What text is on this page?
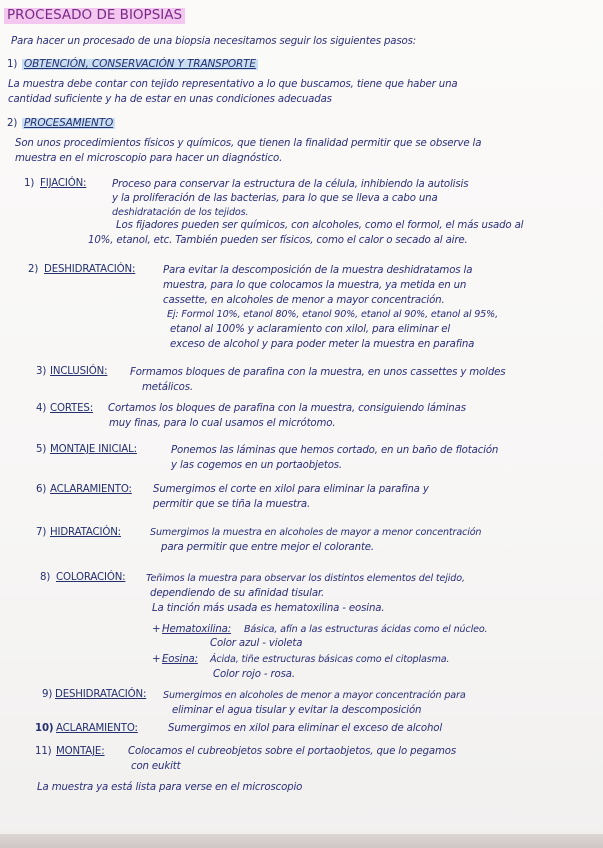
PROCESADO DE BIOPSIAS
Para hacer un procesado de una biopsia necesitamos seguir los siguientes pasos:
1) OBTENCIÓN, CONSERVACIÓN Y TRANSPORTE
La muestra debe contar con tejido representativo a lo que buscamos, tiene que haber una
cantidad suficiente y ha de estar en unas condiciones adecuadas
2) PROCESAMIENTO
Son unos procedimientos físicos y químicos, que tienen la finalidad permitir que se observe la
muestra en el microscopio para hacer un diagnóstico.
1) FIJACIÓN:	Proceso para conservar la estructura de la célula, inhibiendo la autolisis
y la proliferación de las bacterias, para lo que se lleva a cabo una
deshidratación de los tejidos.
Los fijadores pueden ser químicos, con alcoholes, como el formol, el más usado al
10%, etanol, etc. También pueden ser físicos, como el calor o secado al aire.
2) DESHIDRATACIÓN:	Para evitar la descomposición de la muestra deshidratamos la
muestra, para lo que colocamos la muestra, ya metida en un
cassette, en alcoholes de menor a mayor concentración.
Ej: Formol 10%, etanol 80%, etanol 90%, etanol al 90%, etanol al 95%,
etanol al 100% y aclaramiento con xilol, para eliminar el
exceso de alcohol y para poder meter la muestra en parafina
3) INCLUSIÓN: Formamos bloques de parafina con la muestra, en unos cassettes y moldes
metálicos.
4) CORTES: Cortamos los bloques de parafina con la muestra, consiguiendo láminas
muy finas, para lo cual usamos el micrótomo.
5) MONTAJE INICIAL:	Ponemos las láminas que hemos cortado, en un baño de flotación
y las cogemos en un portaobjetos.
6) ACLARAMIENTO: Sumergimos el corte en xilol para eliminar la parafina y
permitir que se tiña la muestra.
7) HIDRATACIÓN:	Sumergimos la muestra en alcoholes de mayor a menor concentración
para permitir que entre mejor el colorante.
8) COLORACIÓN: Teñimos la muestra para observar los distintos elementos del tejido,
dependiendo de su afinidad tisular.
La tinción más usada es hematoxilina - eosina.
+ Hematoxilina: Básica, afín a las estructuras ácidas como el núcleo.
Color azul - violeta
+ Eosina: Ácida, tiñe estructuras básicas como el citoplasma.
Color rojo - rosa.
9) DESHIDRATACIÓN: Sumergimos en alcoholes de menor a mayor concentración para
eliminar el agua tisular y evitar la descomposición
10) ACLARAMIENTO:	Sumergimos en xilol para eliminar el exceso de alcohol
11) MONTAJE: Colocamos el cubreobjetos sobre el portaobjetos, que lo pegamos
con eukitt
La muestra ya está lista para verse en el microscopio
